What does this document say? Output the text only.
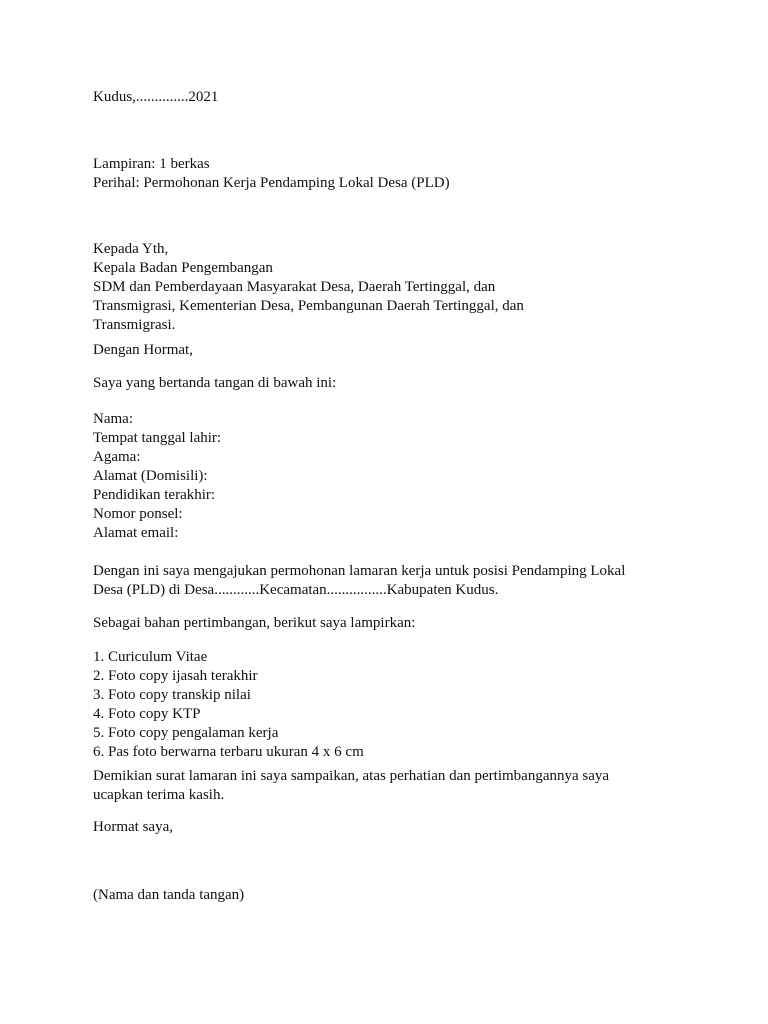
Kudus,..............2021

Lampiran: 1 berkas
Perihal: Permohonan Kerja Pendamping Lokal Desa (PLD)

Kepada Yth,
Kepala Badan Pengembangan
SDM dan Pemberdayaan Masyarakat Desa, Daerah Tertinggal, dan
Transmigrasi, Kementerian Desa, Pembangunan Daerah Tertinggal, dan
Transmigrasi.

Dengan Hormat,

Saya yang bertanda tangan di bawah ini:

Nama:
Tempat tanggal lahir:
Agama:
Alamat (Domisili):
Pendidikan terakhir:
Nomor ponsel:
Alamat email:

Dengan ini saya mengajukan permohonan lamaran kerja untuk posisi Pendamping Lokal
Desa (PLD) di Desa............Kecamatan................Kabupaten Kudus.

Sebagai bahan pertimbangan, berikut saya lampirkan:

1. Curiculum Vitae
2. Foto copy ijasah terakhir
3. Foto copy transkip nilai
4. Foto copy KTP
5. Foto copy pengalaman kerja
6. Pas foto berwarna terbaru ukuran 4 x 6 cm

Demikian surat lamaran ini saya sampaikan, atas perhatian dan pertimbangannya saya
ucapkan terima kasih.

Hormat saya,

(Nama dan tanda tangan)
